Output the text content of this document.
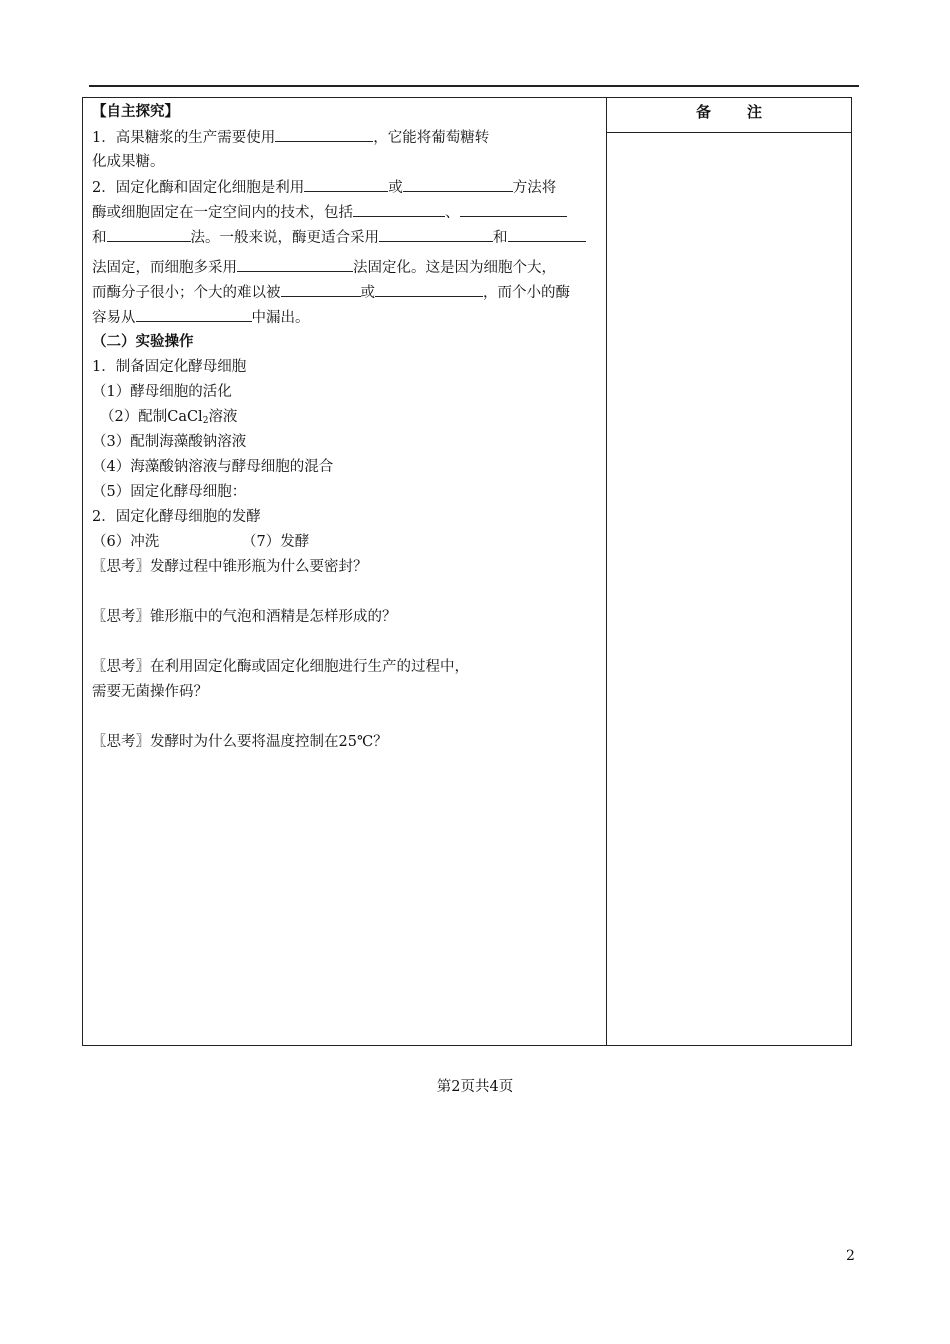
备 注
【自主探究】
1．高果糖浆的生产需要使用	，它能将葡萄糖转
化成果糖。
2．固定化酶和固定化细胞是利用	或	方法将
酶或细胞固定在一定空间内的技术，包括	、
和	法。一般来说，酶更适合采用	和
法固定，而细胞多采用	法固定化。这是因为细胞个大，
而酶分子很小；个大的难以被	或	，而个小的酶
容易从	中漏出。
（二）实验操作
1．制备固定化酵母细胞
（1）酵母细胞的活化
（2）配制CaCl$_2$溶液
（3）配制海藻酸钠溶液
（4）海藻酸钠溶液与酵母细胞的混合
（5）固定化酵母细胞：
2．固定化酵母细胞的发酵
（6）冲洗	（7）发酵
〖思考〗发酵过程中锥形瓶为什么要密封？
〖思考〗锥形瓶中的气泡和酒精是怎样形成的？
〖思考〗在利用固定化酶或固定化细胞进行生产的过程中，
需要无菌操作码？
〖思考〗发酵时为什么要将温度控制在25℃？
第2页共4页
2
